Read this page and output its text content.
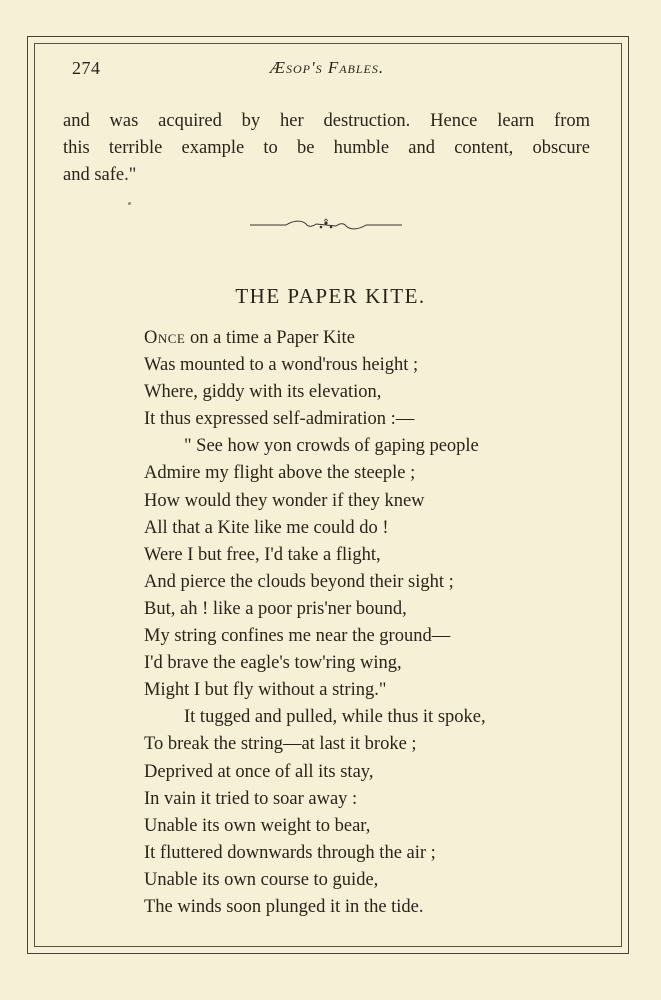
274	Æsop's Fables.
and was acquired by her destruction. Hence learn from
this terrible example to be humble and content, obscure
and safe."
THE PAPER KITE.
Once on a time a Paper Kite
Was mounted to a wond'rous height ;
Where, giddy with its elevation,
It thus expressed self-admiration :—
" See how yon crowds of gaping people
Admire my flight above the steeple ;
How would they wonder if they knew
All that a Kite like me could do !
Were I but free, I'd take a flight,
And pierce the clouds beyond their sight ;
But, ah ! like a poor pris'ner bound,
My string confines me near the ground—
I'd brave the eagle's tow'ring wing,
Might I but fly without a string."
It tugged and pulled, while thus it spoke,
To break the string—at last it broke ;
Deprived at once of all its stay,
In vain it tried to soar away :
Unable its own weight to bear,
It fluttered downwards through the air ;
Unable its own course to guide,
The winds soon plunged it in the tide.
